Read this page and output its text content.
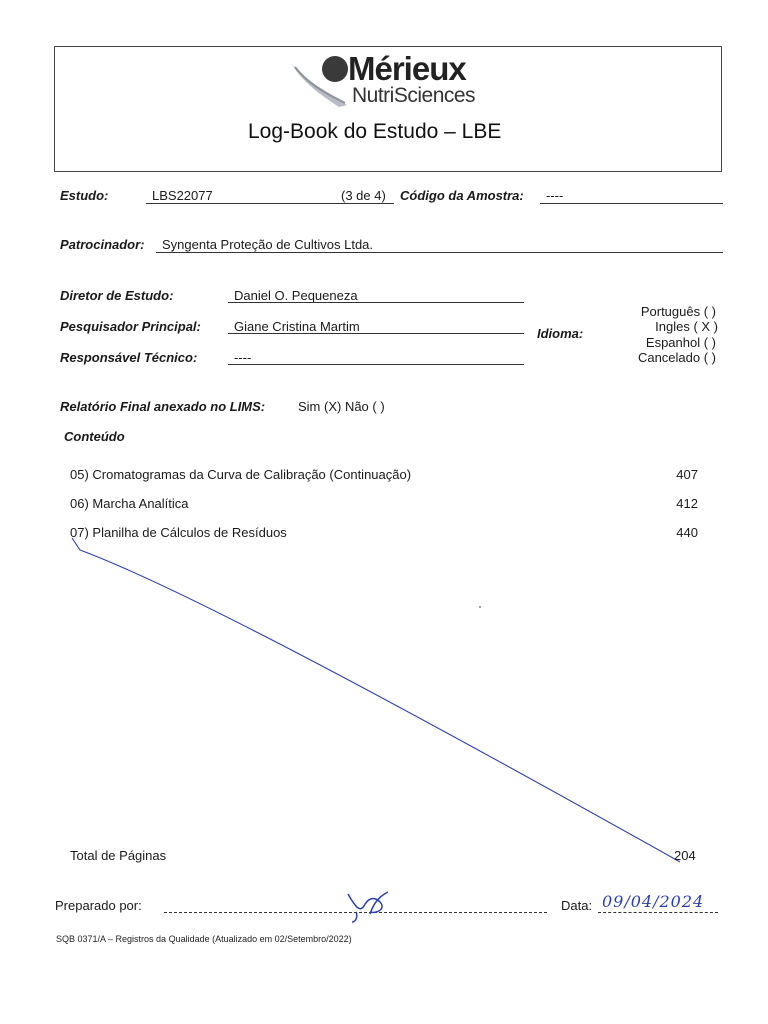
Mérieux
NutriSciences
Log-Book do Estudo – LBE
Estudo:	LBS22077	(3 de 4) Código da Amostra: ----
Patrocinador: Syngenta Proteção de Cultivos Ltda.
Diretor de Estudo:	Daniel O. Pequeneza
Pesquisador Principal:	Giane Cristina Martim
Responsável Técnico:	----
Idioma:
Português ( )
Ingles ( X )
Espanhol ( )
Cancelado ( )
Relatório Final anexado no LIMS:	Sim (X) Não ( )
Conteúdo
05) Cromatogramas da Curva de Calibração (Continuação)	407
06) Marcha Analítica	412
07) Planilha de Cálculos de Resíduos	440
Total de Páginas	204
Preparado por:	Data: 09/04/2024
SQB 0371/A – Registros da Qualidade (Atualizado em 02/Setembro/2022)
